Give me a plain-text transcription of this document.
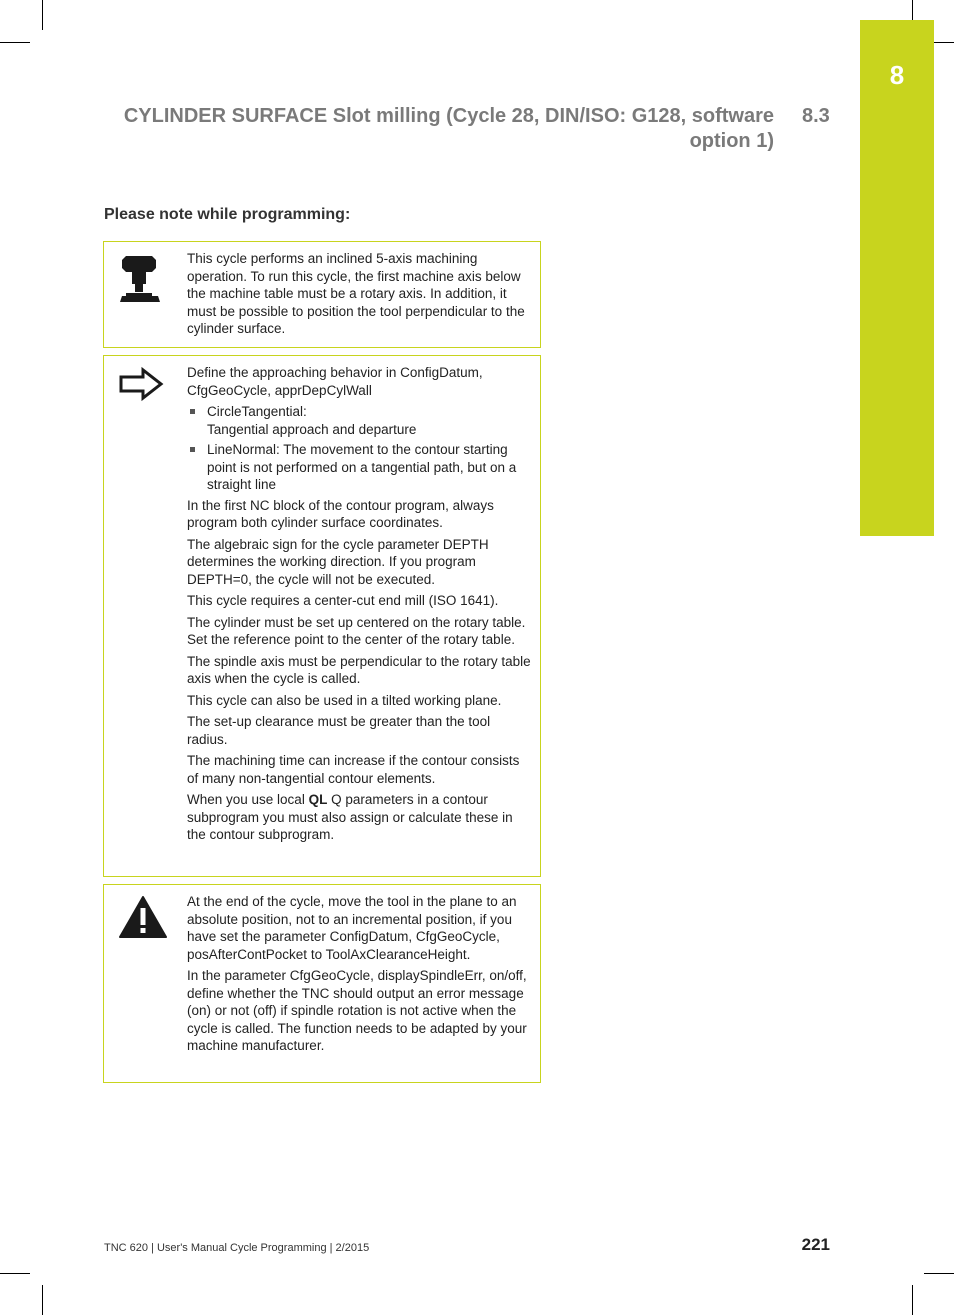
8
CYLINDER SURFACE Slot milling (Cycle 28, DIN/ISO: G128, software
option 1)
8.3
Please note while programming:

This cycle performs an inclined 5-axis machining operation. To run this cycle, the first machine axis below the machine table must be a rotary axis. In addition, it must be possible to position the tool perpendicular to the cylinder surface.

Define the approaching behavior in ConfigDatum, CfgGeoCycle, apprDepCylWall

CircleTangential:
Tangential approach and departure
LineNormal: The movement to the contour starting point is not performed on a tangential path, but on a straight line

In the first NC block of the contour program, always program both cylinder surface coordinates.

The algebraic sign for the cycle parameter DEPTH determines the working direction. If you program DEPTH=0, the cycle will not be executed.

This cycle requires a center-cut end mill (ISO 1641).

The cylinder must be set up centered on the rotary table. Set the reference point to the center of the rotary table.

The spindle axis must be perpendicular to the rotary table axis when the cycle is called.

This cycle can also be used in a tilted working plane.

The set-up clearance must be greater than the tool radius.

The machining time can increase if the contour consists of many non-tangential contour elements.

When you use local QL Q parameters in a contour subprogram you must also assign or calculate these in the contour subprogram.

At the end of the cycle, move the tool in the plane to an absolute position, not to an incremental position, if you have set the parameter ConfigDatum, CfgGeoCycle, posAfterContPocket to ToolAxClearanceHeight.

In the parameter CfgGeoCycle, displaySpindleErr, on/off, define whether the TNC should output an error message (on) or not (off) if spindle rotation is not active when the cycle is called. The function needs to be adapted by your machine manufacturer.

TNC 620 | User's Manual Cycle Programming | 2/2015	221
